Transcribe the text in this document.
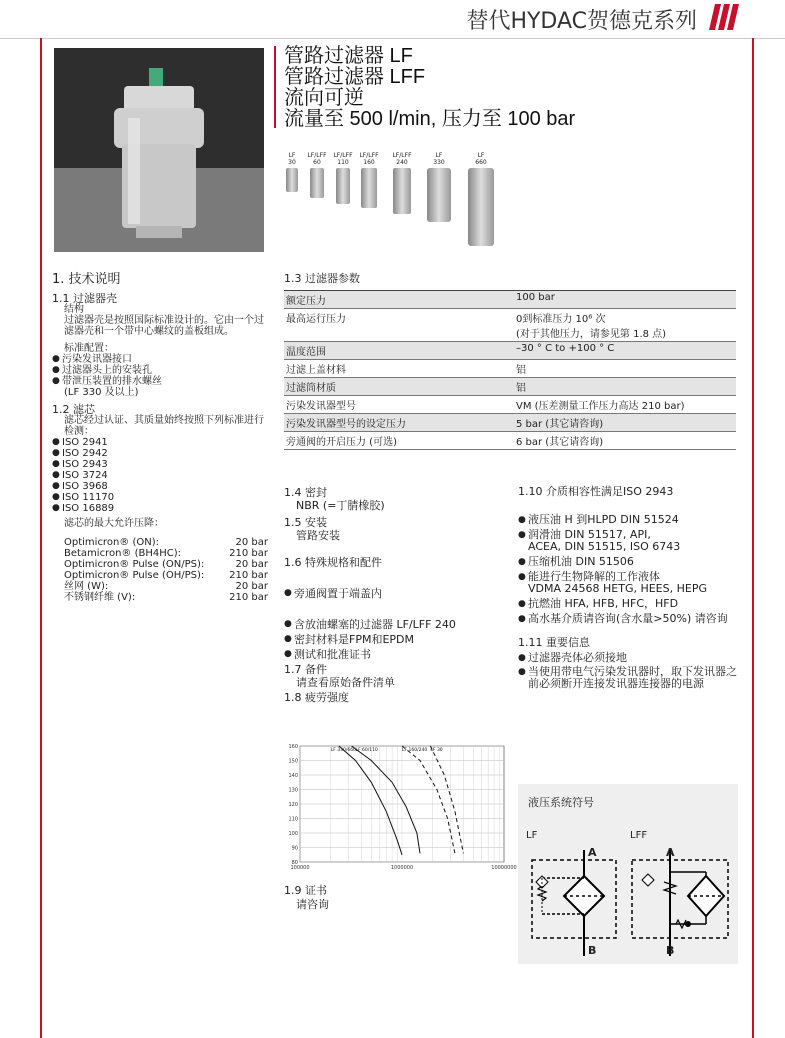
替代HYDAC贺德克系列
管路过滤器 LF
管路过滤器 LFF
流向可逆
流量至 500 l/min, 压力至 100 bar
LF
30
LF/LFF
60
LF/LFF
110
LF/LFF
160
LF/LFF
240
LF
330
LF
660
1. 技术说明
1.1 过滤器壳
结构
过滤器壳是按照国际标准设计的。它由一个过滤器壳和一个带中心螺纹的盖板组成。
标准配置：
● 污染发讯器接口
● 过滤器头上的安装孔
● 带泄压装置的排水螺丝
(LF 330 及以上)
1.2 滤芯
滤芯经过认证、其质量始终按照下列标准进行检测：
● ISO 2941
● ISO 2942
● ISO 2943
● ISO 3724
● ISO 3968
● ISO 11170
● ISO 16889
滤芯的最大允许压降：
Optimicron® (ON):	20 bar
Betamicron® (BH4HC):	210 bar
Optimicron® Pulse (ON/PS):	20 bar
Optimicron® Pulse (OH/PS): 210 bar
丝网 (W):	20 bar
不锈钢纤维 (V):	210 bar
1.3 过滤器参数
额定压力	100 bar
最高运行压力	0到标准压力 10⁶ 次
(对于其他压力，请参见第 1.8 点)

温度范围	–30 ° C to +100 ° C
过滤上盖材料	铝
过滤筒材质	铝
污染发讯器型号	VM (压差测量工作压力高达 210 bar)
污染发讯器型号的设定压力	5 bar (其它请咨询)
旁通阀的开启压力 (可选)	6 bar (其它请咨询)
1.4 密封
NBR (=丁腈橡胶)
1.5 安装
管路安装
1.6 特殊规格和配件
● 旁通阀置于端盖内
● 含放油螺塞的过滤器 LF/LFF 240
● 密封材料是FPM和EPDM
● 测试和批准证书
1.7 备件
请查看原始备件清单
1.8 疲劳强度
80
90
100
110
120
130
140
150
160
100000	1000000	10000000
LF 330/660 LF 60/110	LF 160/240 LF 30
1.9 证书
请咨询
1.10 介质相容性满足ISO 2943
● 液压油 H 到HLPD DIN 51524
● 润滑油 DIN 51517, API,
ACEA, DIN 51515, ISO 6743
● 压缩机油 DIN 51506
● 能进行生物降解的工作液体
VDMA 24568 HETG, HEES, HEPG
● 抗燃油 HFA, HFB, HFC，HFD
● 高水基介质请咨询(含水量>50%) 请咨询
1.11 重要信息
● 过滤器壳体必须接地
● 当使用带电气污染发讯器时，取下发讯器之前必须断开连接发讯器连接器的电源
液压系统符号
LF	LFF
A
B
A
B
